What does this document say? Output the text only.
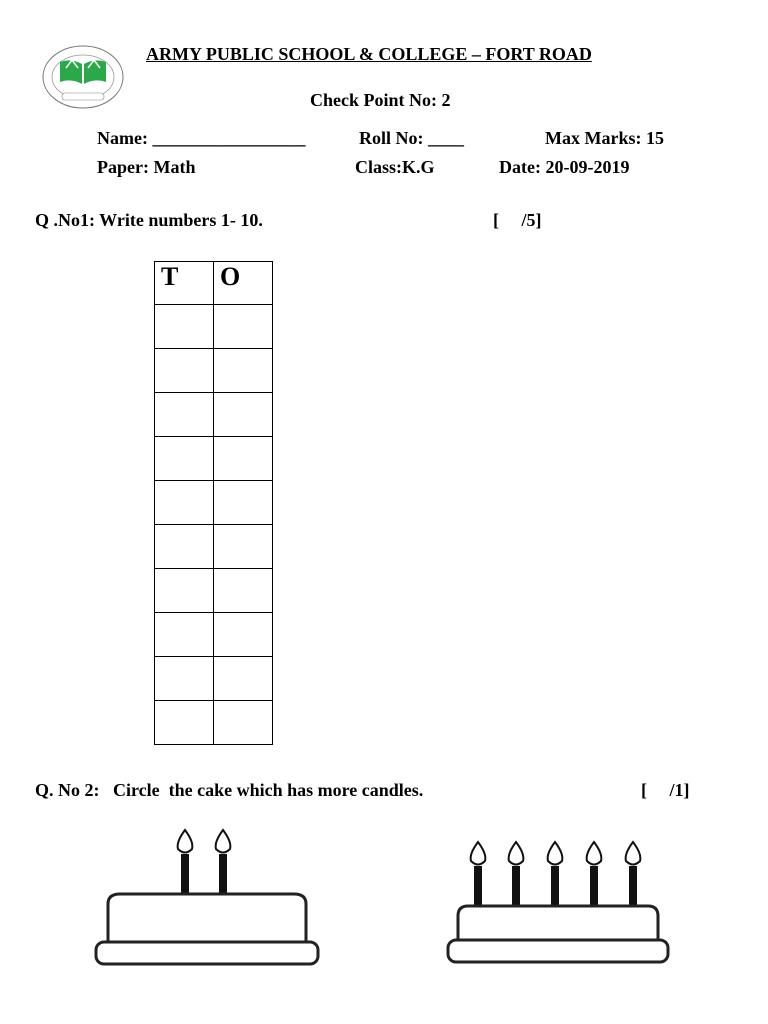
ARMY PUBLIC SCHOOL & COLLEGE – FORT ROAD
Check Point No: 2
Name: _________________	Roll No: ____	Max Marks: 15
Paper: Math	Class:K.G	Date: 20-09-2019
Q .No1: Write numbers 1- 10.	[     /5]
T	O

Q. No 2:   Circle  the cake which has more candles.	[     /1]
